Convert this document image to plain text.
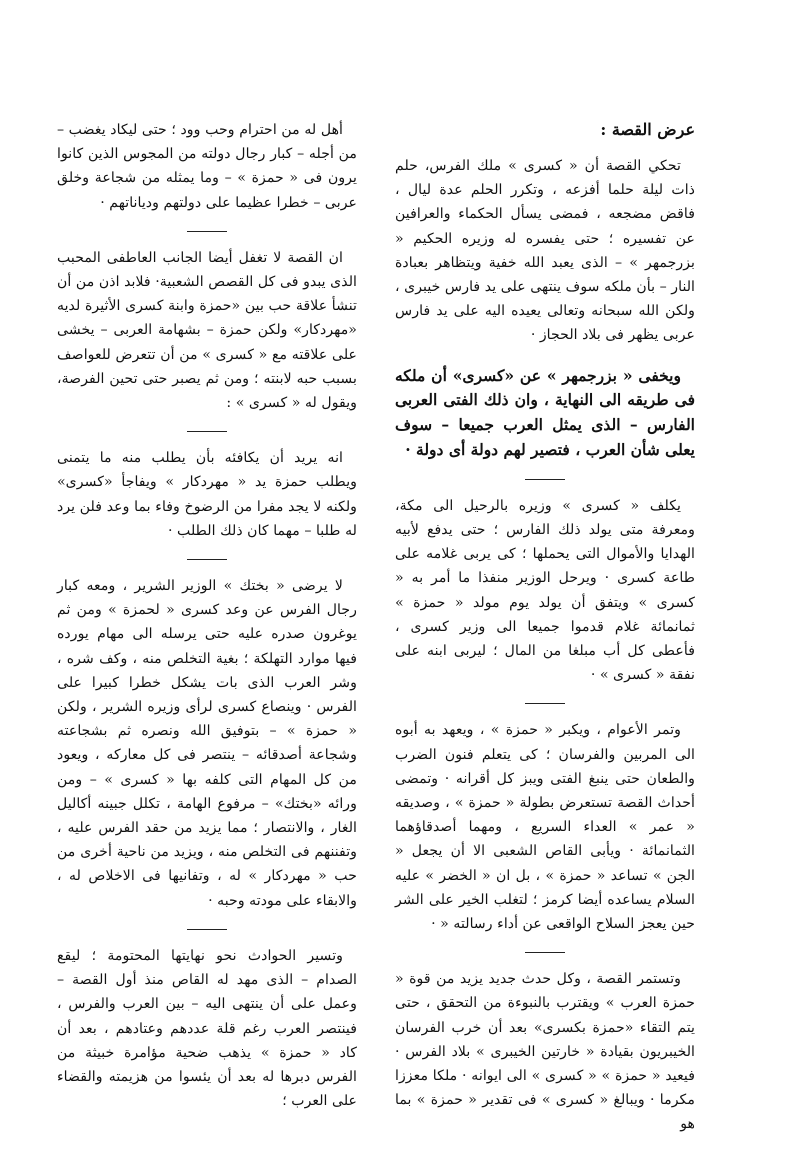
عرض القصة :

تحكي القصة أن « كسرى » ملك الفرس، حلم ذات ليلة حلما أفزعه ، وتكرر الحلم عدة ليال ، فاقض مضجعه ، فمضى يسأل الحكماء والعرافين عن تفسيره ؛ حتى يفسره له وزيره الحكيم « بزرجمهر » – الذى يعبد الله خفية ويتظاهر بعبادة النار – بأن ملكه سوف ينتهى على يد فارس خيبرى ، ولكن الله سبحانه وتعالى يعيده اليه على يد فارس عربى يظهر فى بلاد الحجاز ·

ويخفى « بزرجمهر » عن «كسرى» أن ملكه فى طريقه الى النهاية ، وان ذلك الفتى العربى الفارس – الذى يمثل العرب جميعا – سوف يعلى شأن العرب ، فتصير لهم دولة أى دولة ·

يكلف « كسرى » وزيره بالرحيل الى مكة، ومعرفة متى يولد ذلك الفارس ؛ حتى يدفع لأبيه الهدايا والأموال التى يحملها ؛ كى يربى غلامه على طاعة كسرى · ويرحل الوزير منفذا ما أمر به « كسرى » ويتفق أن يولد يوم مولد « حمزة » ثمانمائة غلام قدموا جميعا الى وزير كسرى ، فأعطى كل أب مبلغا من المال ؛ ليربى ابنه على نفقة « كسرى » ·

وتمر الأعوام ، ويكبر « حمزة » ، ويعهد به أبوه الى المربين والفرسان ؛ كى يتعلم فنون الضرب والطعان حتى ينبغ الفتى ويبز كل أقرانه · وتمضى أحداث القصة تستعرض بطولة « حمزة » ، وصديقه « عمر » العداء السريع ، ومهما أصدقاؤهما الثمانمائة · ويأبى القاص الشعبى الا أن يجعل « الجن » تساعد « حمزة » ، بل ان « الخضر » عليه السلام يساعده أيضا كرمز ؛ لتغلب الخير على الشر حين يعجز السلاح الواقعى عن أداء رسالته « ·

وتستمر القصة ، وكل حدث جديد يزيد من قوة « حمزة العرب » ويقترب بالنبوءة من التحقق ، حتى يتم التقاء «حمزة بكسرى» بعد أن خرب الفرسان الخيبريون بقيادة « خارتين الخيبرى » بلاد الفرس · فيعيد « حمزة » « كسرى » الى ايوانه · ملكا معززا مكرما · ويبالغ « كسرى » فى تقدير « حمزة » بما هو

أهل له من احترام وحب وود ؛ حتى ليكاد يغضب – من أجله – كبار رجال دولته من المجوس الذين كانوا يرون فى « حمزة » – وما يمثله من شجاعة وخلق عربى – خطرا عظيما على دولتهم ودياناتهم ·

ان القصة لا تغفل أيضا الجانب العاطفى المحبب الذى يبدو فى كل القصص الشعبية· فلابد اذن من أن تنشأ علاقة حب بين «حمزة وابنة كسرى الأثيرة لديه «مهردكار» ولكن حمزة – بشهامة العربى – يخشى على علاقته مع « كسرى » من أن تتعرض للعواصف بسبب حبه لابنته ؛ ومن ثم يصبر حتى تحين الفرصة، ويقول له « كسرى » :

انه يريد أن يكافئه بأن يطلب منه ما يتمنى ويطلب حمزة يد « مهردكار » ويفاجأ «كسرى» ولكنه لا يجد مفرا من الرضوخ وفاء بما وعد فلن يرد له طلبا – مهما كان ذلك الطلب ·

لا يرضى « بختك » الوزير الشرير ، ومعه كبار رجال الفرس عن وعد كسرى « لحمزة » ومن ثم يوغرون صدره عليه حتى يرسله الى مهام يورده فيها موارد التهلكة ؛ بغية التخلص منه ، وكف شره ، وشر العرب الذى بات يشكل خطرا كبيرا على الفرس · وينصاع كسرى لرأى وزيره الشرير ، ولكن « حمزة » – بتوفيق الله ونصره ثم بشجاعته وشجاعة أصدقائه – ينتصر فى كل معاركه ، ويعود من كل المهام التى كلفه بها « كسرى » – ومن ورائه «بختك» – مرفوع الهامة ، تكلل جبينه أكاليل الغار ، والانتصار ؛ مما يزيد من حقد الفرس عليه ، وتفننهم فى التخلص منه ، ويزيد من ناحية أخرى من حب « مهردكار » له ، وتفانيها فى الاخلاص له ، والابقاء على مودته وحبه ·

وتسير الحوادث نحو نهايتها المحتومة ؛ ليقع الصدام – الذى مهد له القاص منذ أول القصة – وعمل على أن ينتهى اليه – بين العرب والفرس ، فينتصر العرب رغم قلة عددهم وعتادهم ، بعد أن كاد « حمزة » يذهب ضحية مؤامرة خبيثة من الفرس دبرها له بعد أن يئسوا من هزيمته والقضاء على العرب ؛
